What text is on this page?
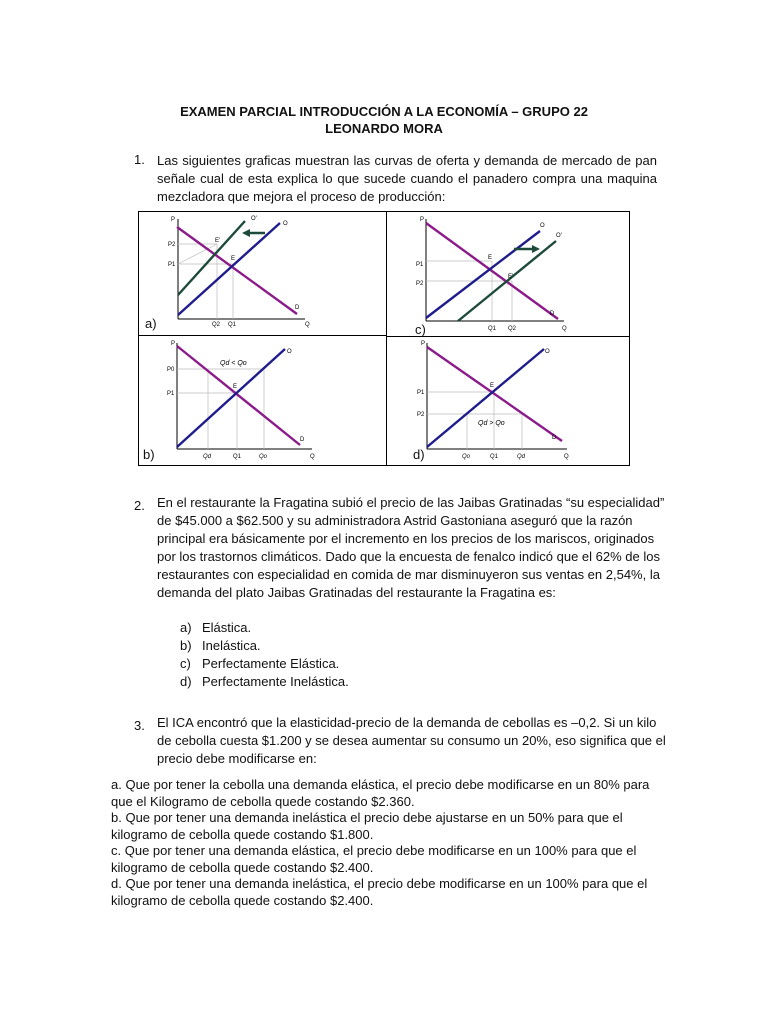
EXAMEN PARCIAL INTRODUCCIÓN A LA ECONOMÍA – GRUPO 22
LEONARDO MORA
1. Las siguientes graficas muestran las curvas de oferta y demanda de mercado de pan señale cual de esta explica lo que sucede cuando el panadero compra una maquina mezcladora que mejora el proceso de producción:
P
Q
P2
P1
Q2 Q1
E
E'
O'
O
D
a)
P
Q
P1
P2
Q1 Q2
E
E'
O
O'
D
c)
P
Q
P0
P1
Qd < Qo
Qd	Q1	Qo
E
O
D
b)
P
Q
P1
P2
Qd > Qo
Qo	Q1	Qd
E
O
D
d)
2. En el restaurante la Fragatina subió el precio de las Jaibas Gratinadas “su especialidad”
de $45.000 a $62.500 y su administradora Astrid Gastoniana aseguró que la razón
principal era básicamente por el incremento en los precios de los mariscos, originados
por los trastornos climáticos. Dado que la encuesta de fenalco indicó que el 62% de los
restaurantes con especialidad en comida de mar disminuyeron sus ventas en 2,54%, la
demanda del plato Jaibas Gratinadas del restaurante la Fragatina es:
a) Elástica.
b) Inelástica.
c) Perfectamente Elástica.
d) Perfectamente Inelástica.
3. El ICA encontró que la elasticidad-precio de la demanda de cebollas es –0,2. Si un kilo
de cebolla cuesta $1.200 y se desea aumentar su consumo un 20%, eso significa que el
precio debe modificarse en:
a. Que por tener la cebolla una demanda elástica, el precio debe modificarse en un 80% para
que el Kilogramo de cebolla quede costando $2.360.
b. Que por tener una demanda inelástica el precio debe ajustarse en un 50% para que el
kilogramo de cebolla quede costando $1.800.
c. Que por tener una demanda elástica, el precio debe modificarse en un 100% para que el
kilogramo de cebolla quede costando $2.400.
d. Que por tener una demanda inelástica, el precio debe modificarse en un 100% para que el
kilogramo de cebolla quede costando $2.400.
